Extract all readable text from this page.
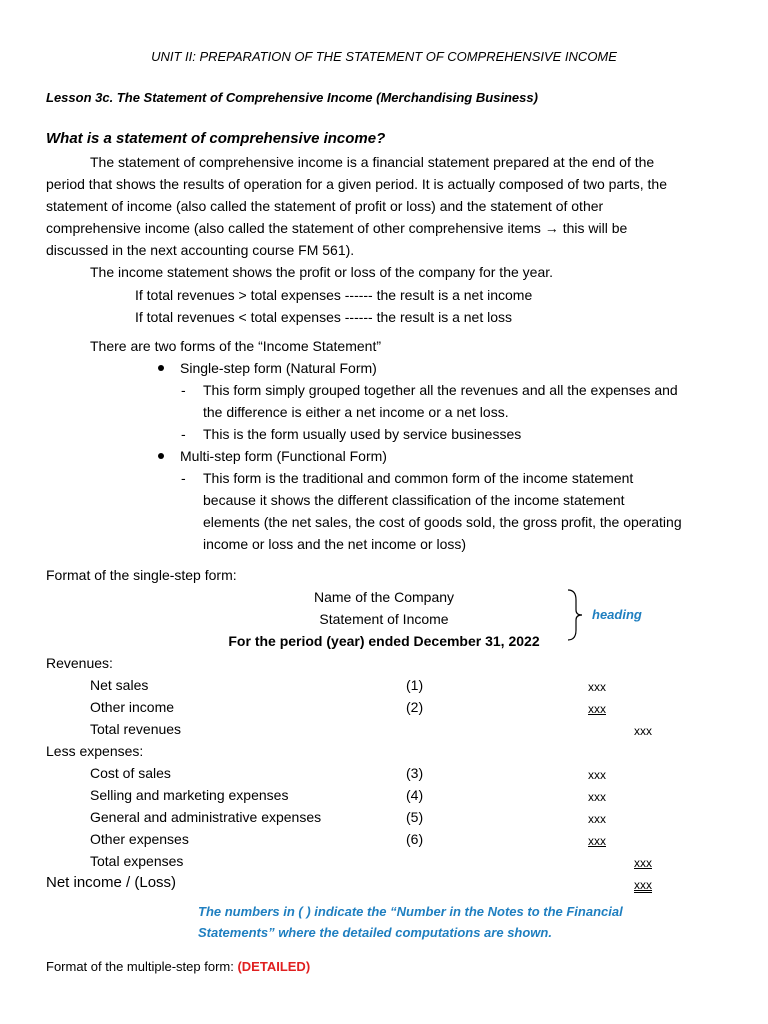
UNIT II: PREPARATION OF THE STATEMENT OF COMPREHENSIVE INCOME
Lesson 3c. The Statement of Comprehensive Income (Merchandising Business)
What is a statement of comprehensive income?
The statement of comprehensive income is a financial statement prepared at the end of the
period that shows the results of operation for a given period. It is actually composed of two parts, the
statement of income (also called the statement of profit or loss) and the statement of other
comprehensive income (also called the statement of other comprehensive items → this will be
discussed in the next accounting course FM 561).
The income statement shows the profit or loss of the company for the year.
If total revenues > total expenses ------ the result is a net income
If total revenues < total expenses ------ the result is a net loss
There are two forms of the “Income Statement”
Single-step form (Natural Form)
- This form simply grouped together all the revenues and all the expenses and
the difference is either a net income or a net loss.
- This is the form usually used by service businesses
Multi-step form (Functional Form)
- This form is the traditional and common form of the income statement
because it shows the different classification of the income statement
elements (the net sales, the cost of goods sold, the gross profit, the operating
income or loss and the net income or loss)
Format of the single-step form:
Name of the Company
Statement of Income
For the period (year) ended December 31, 2022
heading
Revenues:
Net sales	(1)	xxx
Other income	(2)	xxx
Total revenues	xxx
Less expenses:
Cost of sales	(3)	xxx
Selling and marketing expenses	(4)	xxx
General and administrative expenses	(5)	xxx
Other expenses	(6)	xxx
Total expenses	xxx
Net income / (Loss)	xxx
The numbers in ( ) indicate the “Number in the Notes to the Financial
Statements” where the detailed computations are shown.
Format of the multiple-step form: (DETAILED)
